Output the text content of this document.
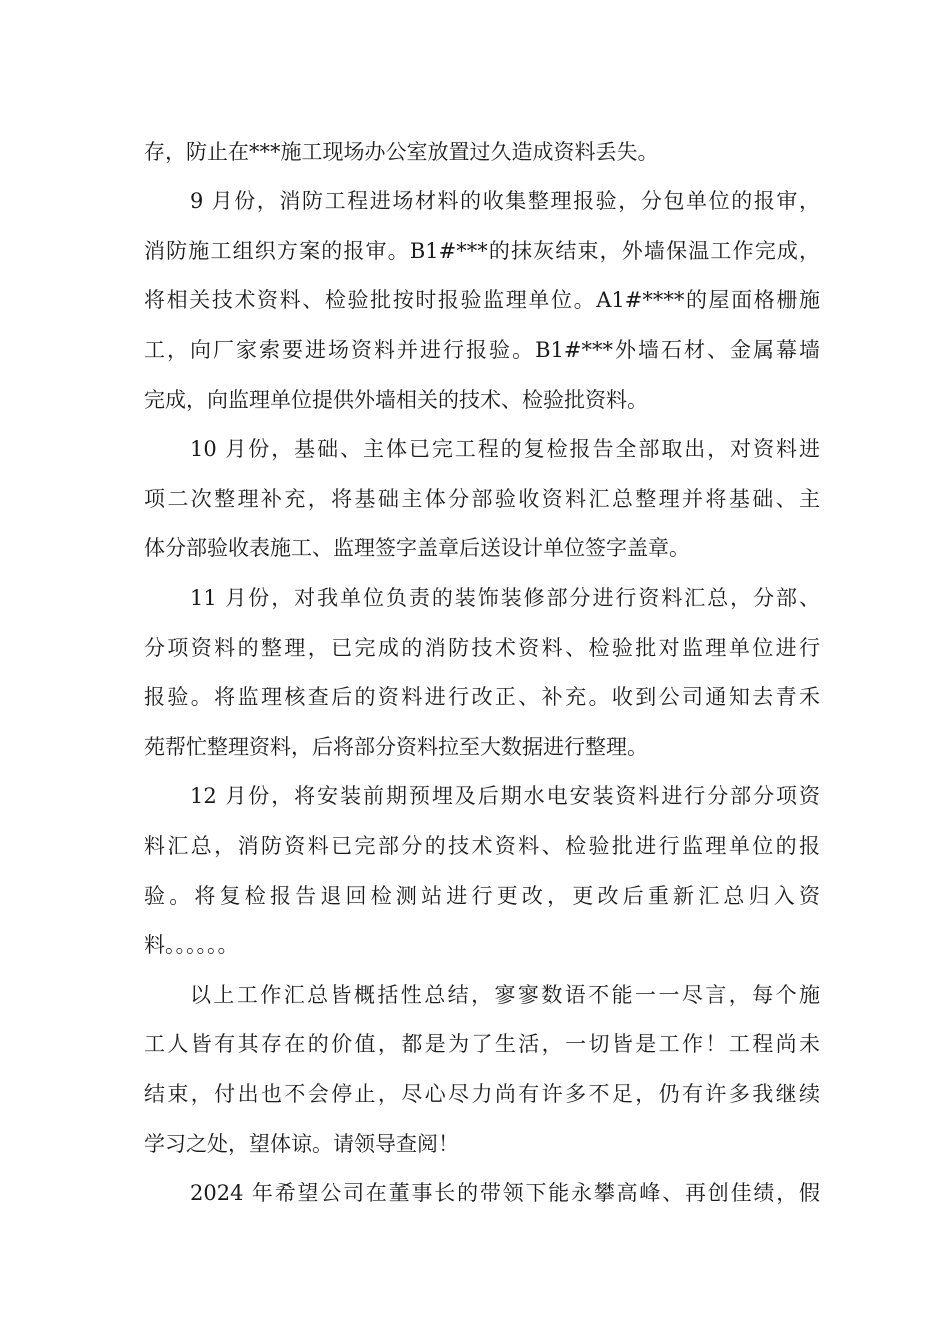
存，防止在***施工现场办公室放置过久造成资料丢失。

9 月份，消防工程进场材料的收集整理报验，分包单位的报审，

消防施工组织方案的报审。B1#***的抹灰结束，外墙保温工作完成，

将相关技术资料、检验批按时报验监理单位。A1#****的屋面格栅施

工，向厂家索要进场资料并进行报验。B1#***外墙石材、金属幕墙

完成，向监理单位提供外墙相关的技术、检验批资料。

10 月份，基础、主体已完工程的复检报告全部取出，对资料进

项二次整理补充，将基础主体分部验收资料汇总整理并将基础、主

体分部验收表施工、监理签字盖章后送设计单位签字盖章。

11 月份，对我单位负责的装饰装修部分进行资料汇总，分部、

分项资料的整理，已完成的消防技术资料、检验批对监理单位进行

报验。将监理核查后的资料进行改正、补充。收到公司通知去青禾

苑帮忙整理资料，后将部分资料拉至大数据进行整理。

12 月份，将安装前期预埋及后期水电安装资料进行分部分项资

料汇总，消防资料已完部分的技术资料、检验批进行监理单位的报

验。将复检报告退回检测站进行更改，更改后重新汇总归入资

料。。。。。。

以上工作汇总皆概括性总结，寥寥数语不能一一尽言，每个施

工人皆有其存在的价值，都是为了生活，一切皆是工作！工程尚未

结束，付出也不会停止，尽心尽力尚有许多不足，仍有许多我继续

学习之处，望体谅。请领导查阅！

2024 年希望公司在董事长的带领下能永攀高峰、再创佳绩，假
